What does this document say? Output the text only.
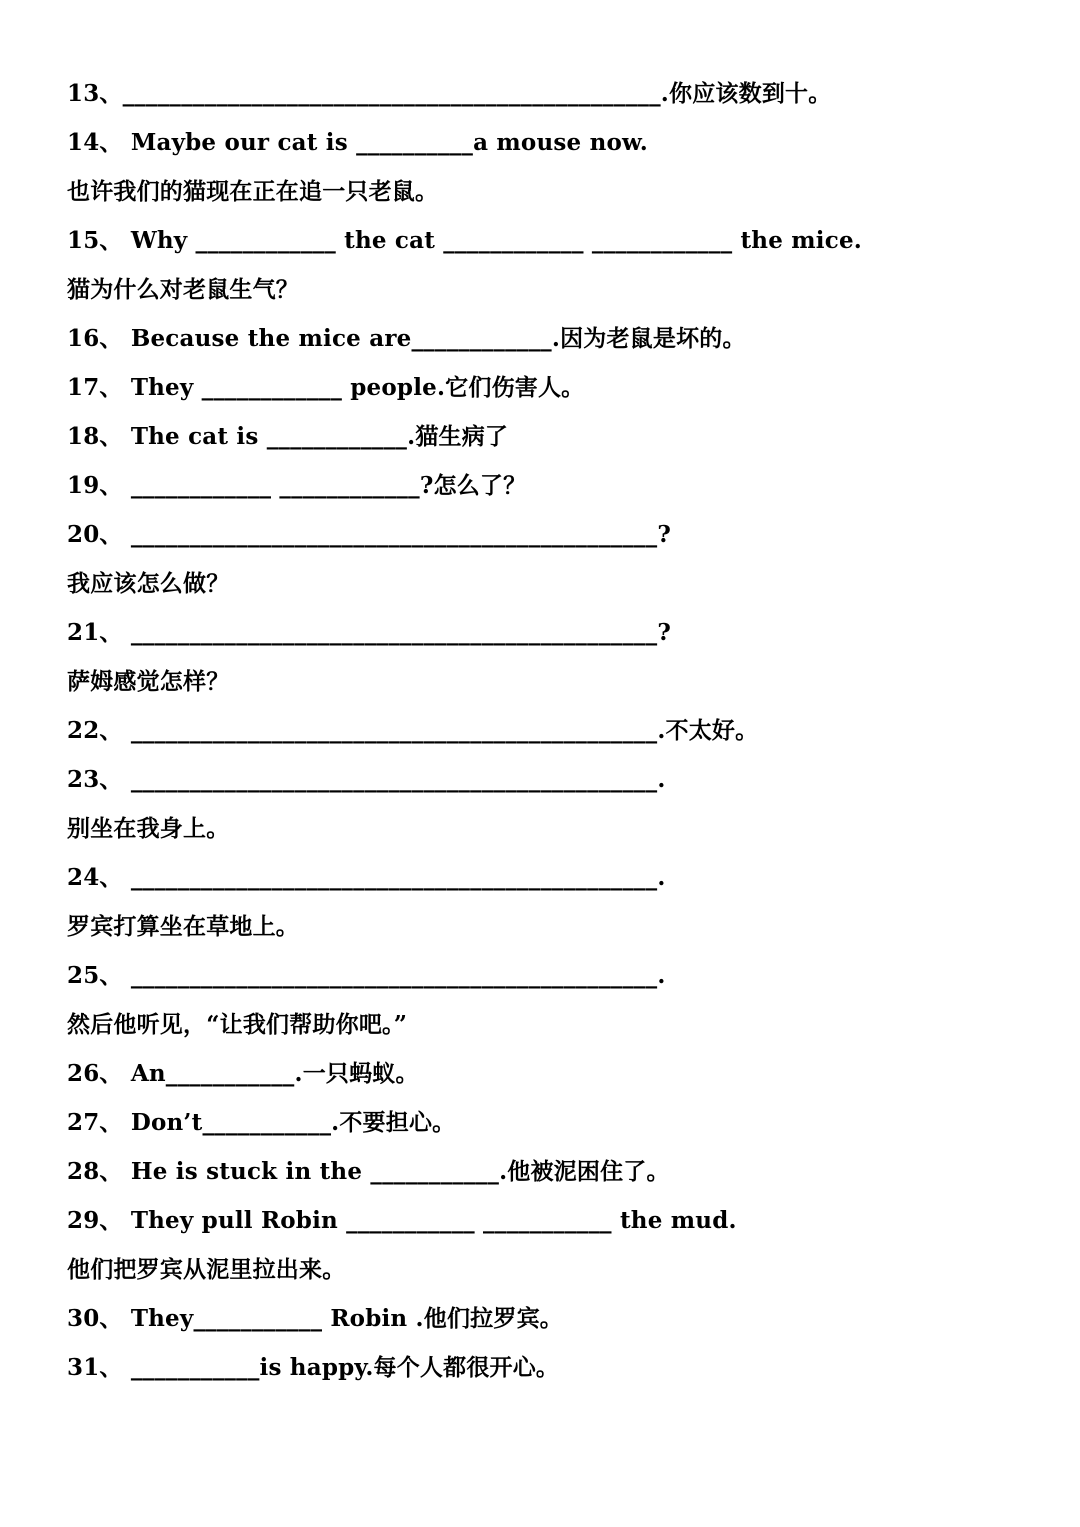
13、______________________________________________.你应该数到十。
14、 Maybe our cat is __________a mouse now.
也许我们的猫现在正在追一只老鼠。
15、 Why ____________ the cat ____________ ____________ the mice.
猫为什么对老鼠生气？
16、 Because the mice are____________.因为老鼠是坏的。
17、 They ____________ people.它们伤害人。
18、 The cat is ____________.猫生病了
19、 ____________ ____________?怎么了？
20、 _____________________________________________?
我应该怎么做？
21、 _____________________________________________?
萨姆感觉怎样？
22、 _____________________________________________.不太好。
23、 _____________________________________________.
别坐在我身上。
24、 _____________________________________________.
罗宾打算坐在草地上。
25、 _____________________________________________.
然后他听见，“让我们帮助你吧。”
26、 An___________.一只蚂蚁。
27、 Don’t___________.不要担心。
28、 He is stuck in the ___________.他被泥困住了。
29、 They pull Robin ___________ ___________ the mud.
他们把罗宾从泥里拉出来。
30、 They___________ Robin .他们拉罗宾。
31、 ___________is happy.每个人都很开心。
